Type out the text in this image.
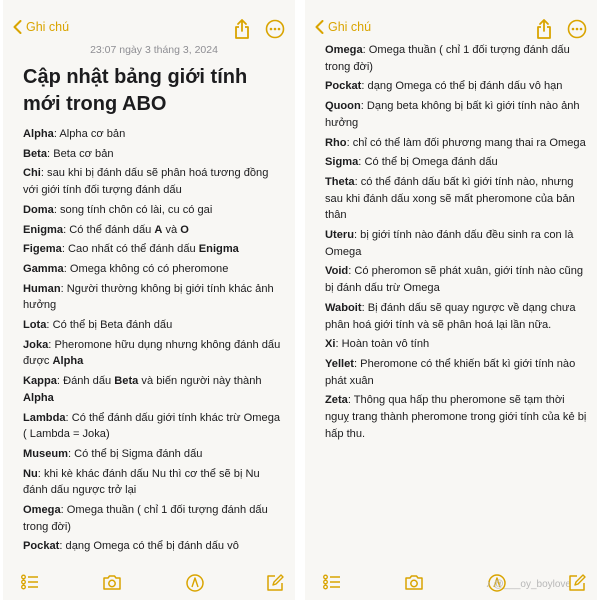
Ghi chú
23:07 ngày 3 tháng 3, 2024
Cập nhật bảng giới tính mới trong ABO
Alpha: Alpha cơ bản
Beta: Beta cơ bản
Chi: sau khi bị đánh dấu sẽ phân hoá tương đồng với giới tính đối tượng đánh dấu
Doma: song tính chôn có lài, cu có gai
Enigma: Có thể đánh dấu A và O
Figema: Cao nhất có thể đánh dấu Enigma
Gamma: Omega không có có pheromone
Human: Người thường không bị giới tính khác ảnh hưởng
Lota: Có thể bị Beta đánh dấu
Joka: Pheromone hữu dụng nhưng không đánh dấu được Alpha
Kappa: Đánh dấu Beta và biến người này thành Alpha
Lambda: Có thể đánh dấu giới tính khác trừ Omega ( Lambda = Joka)
Museum: Có thể bị Sigma đánh dấu
Nu: khi kè khác đánh dấu Nu thì cơ thể sẽ bị Nu đánh dấu ngược trở lại
Omega: Omega thuần ( chỉ 1 đối tượng đánh dấu trong đời)
Pockat: dạng Omega có thể bị đánh dấu vô
Ghi chú
Omega: Omega thuần ( chỉ 1 đối tượng đánh dấu trong đời)
Pockat: dạng Omega có thể bị đánh dấu vô hạn
Quoon: Dạng beta không bị bất kì giới tính nào ảnh hưởng
Rho: chỉ có thể làm đối phương mang thai ra Omega
Sigma: Có thể bị Omega đánh dấu
Theta: có thể đánh dấu bất kì giới tính nào, nhưng sau khi đánh dấu xong sẽ mất pheromone của bản thân
Uteru: bị giới tính nào đánh dấu đều sinh ra con là Omega
Void: Có pheromon sẽ phát xuân, giới tính nào cũng bị đánh dấu trừ Omega
Waboit: Bị đánh dấu sẽ quay ngược về dạng chưa phân hoá giới tính và sẽ phân hoá lại lần nữa.
Xi: Hoàn toàn vô tính
Yellet: Pheromone có thể khiến bất kì giới tính nào phát xuân
Zeta: Thông qua hấp thu pheromone sẽ tạm thời nguỵ trang thành pheromone trong giới tính của kẻ bị hấp thu.
♪ @___oy_boylove
